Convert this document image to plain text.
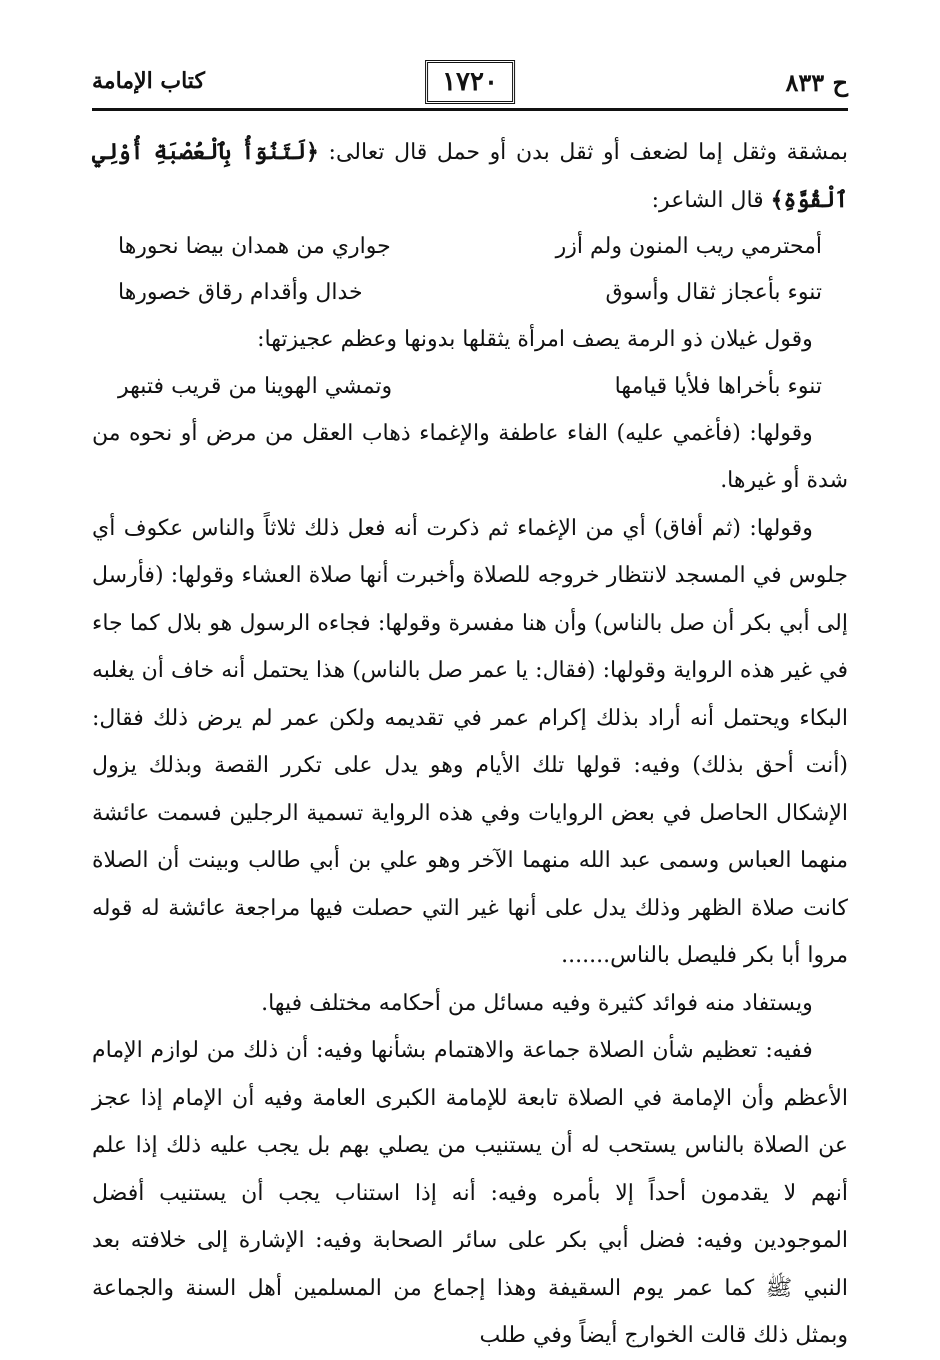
ح ٨٣٣
١٧٢٠
كتاب الإمامة

بمشقة وثقل إما لضعف أو ثقل بدن أو حمل قال تعالى: ﴿لَتَنُوٓأُ بِٱلْعُصْبَةِ أُوْلِي ٱلْقُوَّةِ﴾ قال الشاعر:

أمحترمي ريب المنون ولم أزر
جواري من همدان بيضا نحورها
تنوء بأعجاز ثقال وأسوق
خدال وأقدام رقاق خصورها

وقول غيلان ذو الرمة يصف امرأة يثقلها بدونها وعظم عجيزتها:

تنوء بأخراها فلأيا قيامها
وتمشي الهوينا من قريب فتبهر

وقولها: (فأغمي عليه) الفاء عاطفة والإغماء ذهاب العقل من مرض أو نحوه من شدة أو غيرها.

وقولها: (ثم أفاق) أي من الإغماء ثم ذكرت أنه فعل ذلك ثلاثاً والناس عكوف أي جلوس في المسجد لانتظار خروجه للصلاة وأخبرت أنها صلاة العشاء وقولها: (فأرسل إلى أبي بكر أن صل بالناس) وأن هنا مفسرة وقولها: فجاءه الرسول هو بلال كما جاء في غير هذه الرواية وقولها: (فقال: يا عمر صل بالناس) هذا يحتمل أنه خاف أن يغلبه البكاء ويحتمل أنه أراد بذلك إكرام عمر في تقديمه ولكن عمر لم يرض ذلك فقال: (أنت أحق بذلك) وفيه: قولها تلك الأيام وهو يدل على تكرر القصة وبذلك يزول الإشكال الحاصل في بعض الروايات وفي هذه الرواية تسمية الرجلين فسمت عائشة منهما العباس وسمى عبد الله منهما الآخر وهو علي بن أبي طالب وبينت أن الصلاة كانت صلاة الظهر وذلك يدل على أنها غير التي حصلت فيها مراجعة عائشة له قوله مروا أبا بكر فليصل بالناس.......

ويستفاد منه فوائد كثيرة وفيه مسائل من أحكامه مختلف فيها.

ففيه: تعظيم شأن الصلاة جماعة والاهتمام بشأنها وفيه: أن ذلك من لوازم الإمام الأعظم وأن الإمامة في الصلاة تابعة للإمامة الكبرى العامة وفيه أن الإمام إذا عجز عن الصلاة بالناس يستحب له أن يستنيب من يصلي بهم بل يجب عليه ذلك إذا علم أنهم لا يقدمون أحداً إلا بأمره وفيه: أنه إذا استناب يجب أن يستنيب أفضل الموجودين وفيه: فضل أبي بكر على سائر الصحابة وفيه: الإشارة إلى خلافته بعد النبي ﷺ كما عمر يوم السقيفة وهذا إجماع من المسلمين أهل السنة والجماعة وبمثل ذلك قالت الخوارج أيضاً وفي طلب
